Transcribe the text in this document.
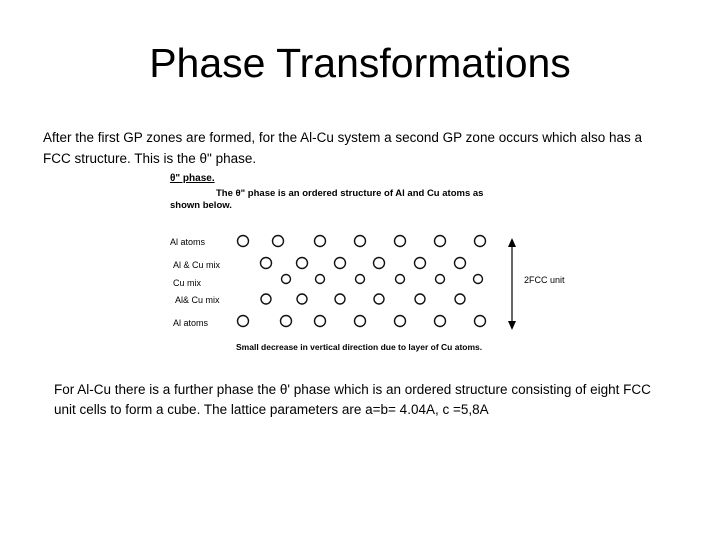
Phase Transformations
After the first GP zones are formed, for the Al-Cu system a second GP zone occurs which also has a
FCC structure. This is the θ" phase.
θ" phase.
The θ" phase is an ordered structure of Al and Cu atoms as
shown below.
Al atoms
Al & Cu mix
Cu mix
Al& Cu mix
Al atoms
2FCC unit
Small decrease in vertical direction due to layer of Cu atoms.
For Al-Cu there is a further phase the θ' phase which is an ordered structure consisting of eight FCC
unit cells to form a cube. The lattice parameters are a=b= 4.04A, c =5,8A
